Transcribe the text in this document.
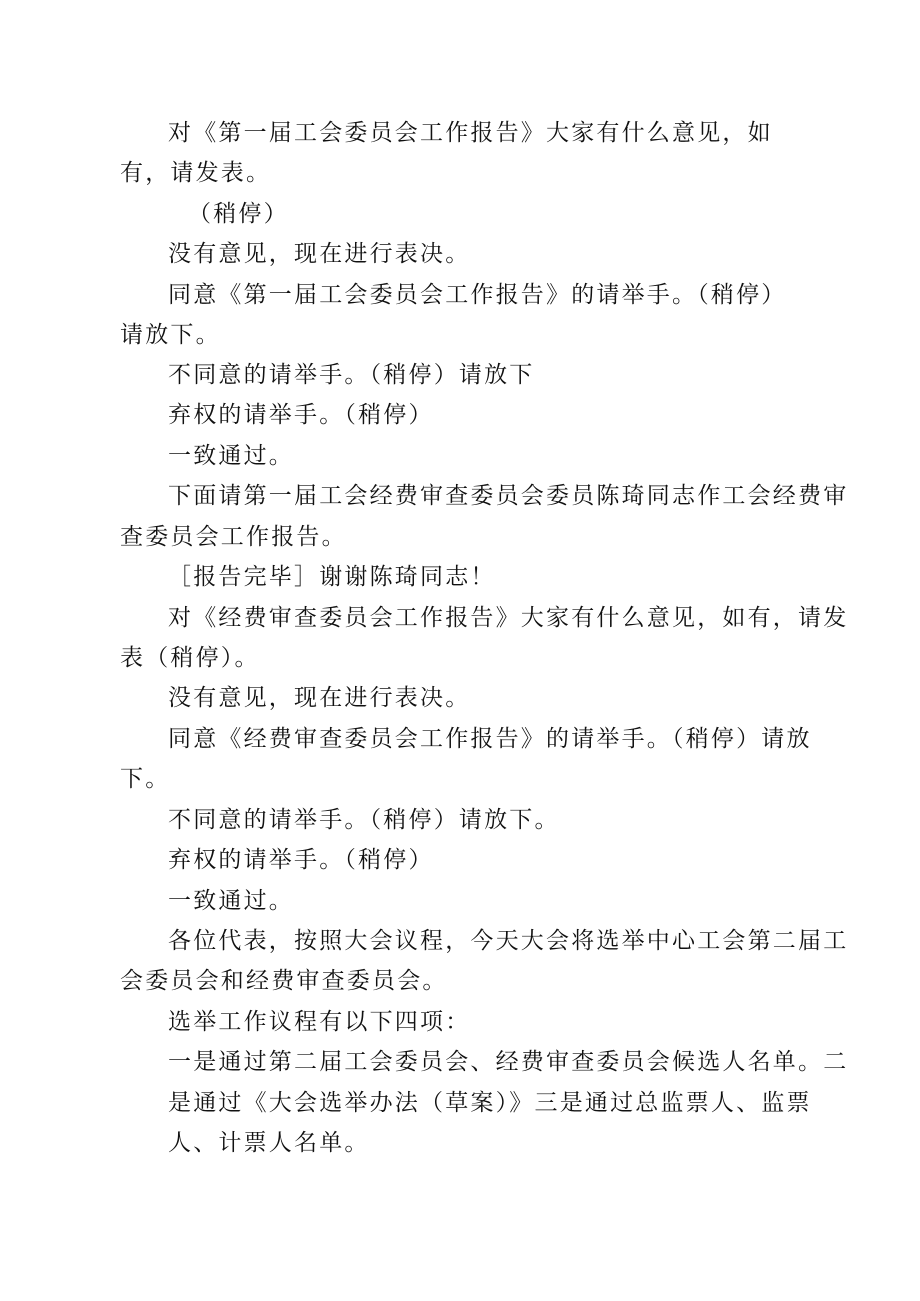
对《第一届工会委员会工作报告》大家有什么意见，如

有，请发表。

（稍停）

没有意见，现在进行表决。

同意《第一届工会委员会工作报告》的请举手。（稍停）

请放下。

不同意的请举手。（稍停）请放下

弃权的请举手。（稍停）

一致通过。

下面请第一届工会经费审查委员会委员陈琦同志作工会经费审

查委员会工作报告。

［报告完毕］谢谢陈琦同志！

对《经费审查委员会工作报告》大家有什么意见，如有，请发

表（稍停）。

没有意见，现在进行表决。

同意《经费审查委员会工作报告》的请举手。（稍停）请放

下。

不同意的请举手。（稍停）请放下。

弃权的请举手。（稍停）

一致通过。

各位代表，按照大会议程，今天大会将选举中心工会第二届工

会委员会和经费审查委员会。

选举工作议程有以下四项：

一是通过第二届工会委员会、经费审查委员会候选人名单。二

是通过《大会选举办法（草案）》三是通过总监票人、监票

人、计票人名单。
